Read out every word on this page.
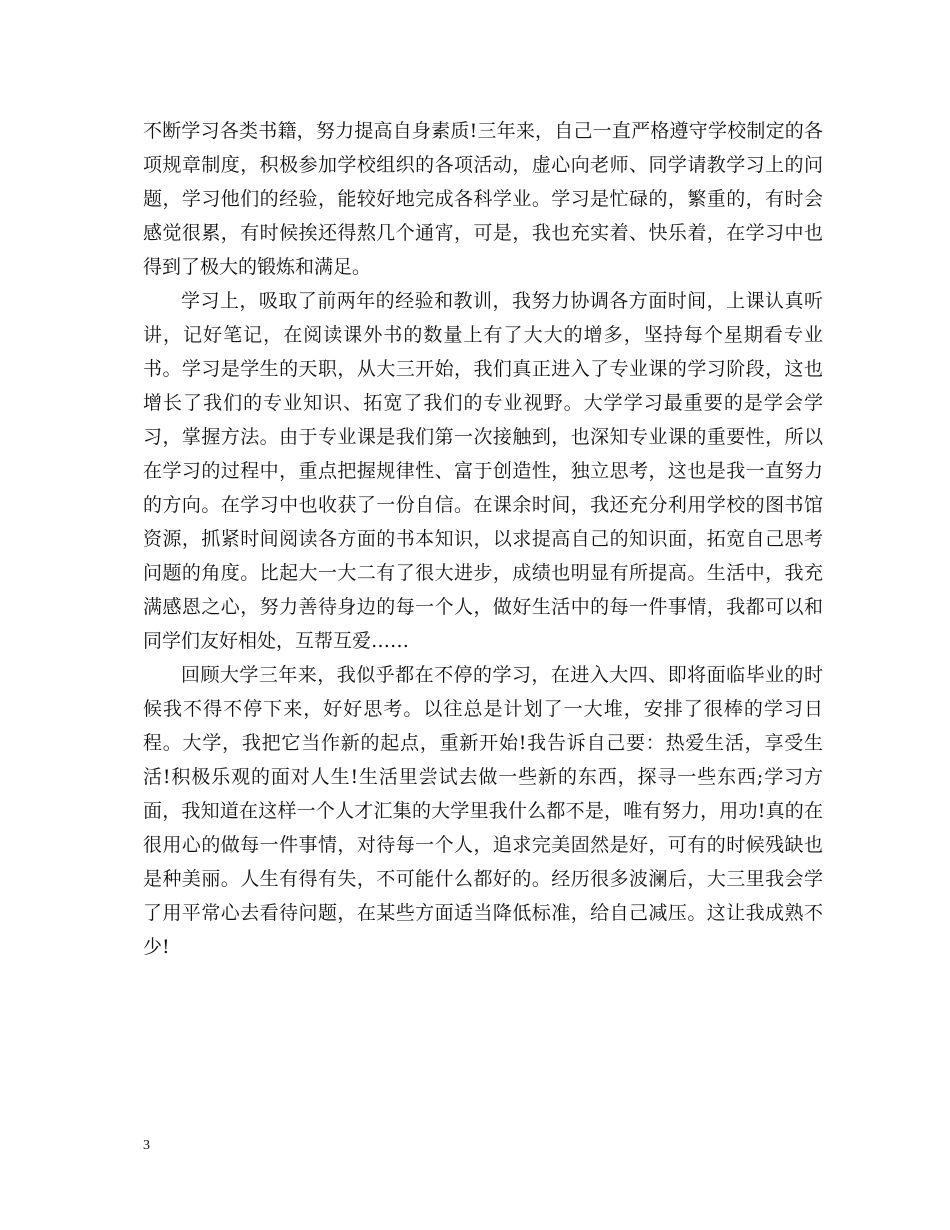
不断学习各类书籍，努力提高自身素质!三年来，自己一直严格遵守学校制定的各项规章制度，积极参加学校组织的各项活动，虚心向老师、同学请教学习上的问题，学习他们的经验，能较好地完成各科学业。学习是忙碌的，繁重的，有时会感觉很累，有时候挨还得熬几个通宵，可是，我也充实着、快乐着，在学习中也得到了极大的锻炼和满足。

学习上，吸取了前两年的经验和教训，我努力协调各方面时间，上课认真听讲，记好笔记，在阅读课外书的数量上有了大大的增多，坚持每个星期看专业书。学习是学生的天职，从大三开始，我们真正进入了专业课的学习阶段，这也增长了我们的专业知识、拓宽了我们的专业视野。大学学习最重要的是学会学习，掌握方法。由于专业课是我们第一次接触到，也深知专业课的重要性，所以在学习的过程中，重点把握规律性、富于创造性，独立思考，这也是我一直努力的方向。在学习中也收获了一份自信。在课余时间，我还充分利用学校的图书馆资源，抓紧时间阅读各方面的书本知识，以求提高自己的知识面，拓宽自己思考问题的角度。比起大一大二有了很大进步，成绩也明显有所提高。生活中，我充满感恩之心，努力善待身边的每一个人，做好生活中的每一件事情，我都可以和同学们友好相处，互帮互爱……

回顾大学三年来，我似乎都在不停的学习，在进入大四、即将面临毕业的时候我不得不停下来，好好思考。以往总是计划了一大堆，安排了很棒的学习日程。大学，我把它当作新的起点，重新开始!我告诉自己要：热爱生活，享受生活!积极乐观的面对人生!生活里尝试去做一些新的东西，探寻一些东西;学习方面，我知道在这样一个人才汇集的大学里我什么都不是，唯有努力，用功!真的在很用心的做每一件事情，对待每一个人，追求完美固然是好，可有的时候残缺也是种美丽。人生有得有失，不可能什么都好的。经历很多波澜后，大三里我会学了用平常心去看待问题，在某些方面适当降低标准，给自己减压。这让我成熟不少!

3
